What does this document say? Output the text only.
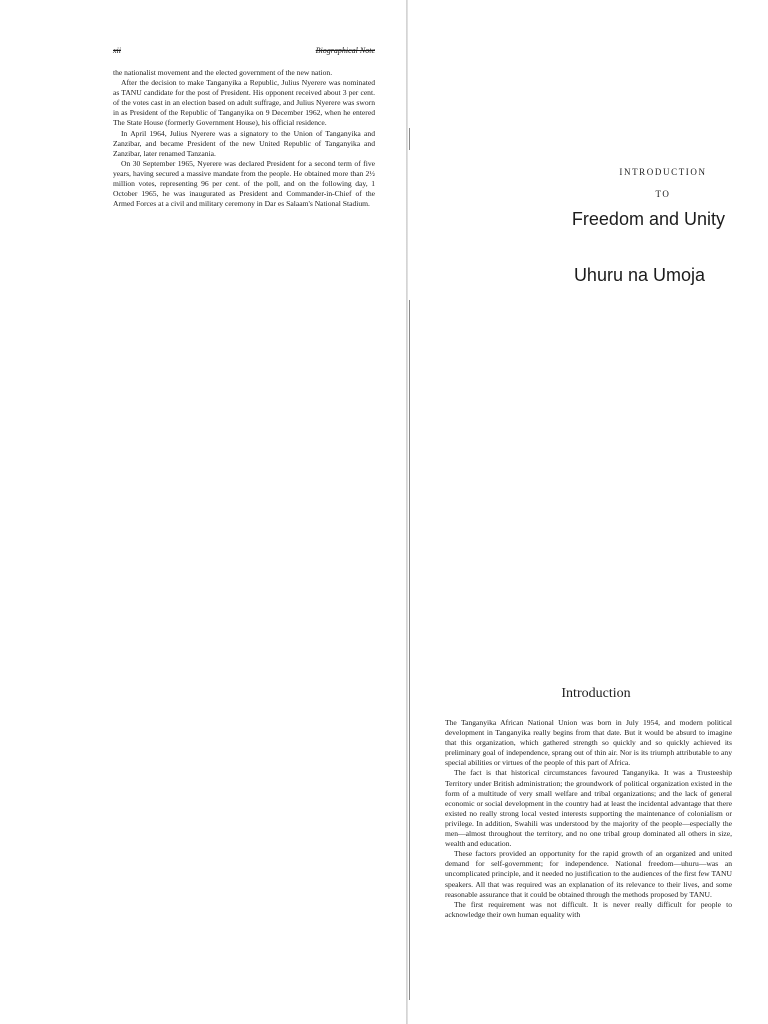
xii	Biographical Note

the nationalist movement and the elected government of the new nation.

After the decision to make Tanganyika a Republic, Julius Nyerere was nominated as TANU candidate for the post of President. His opponent received about 3 per cent. of the votes cast in an election based on adult suffrage, and Julius Nyerere was sworn in as President of the Republic of Tanganyika on 9 December 1962, when he entered The State House (formerly Government House), his official residence.

In April 1964, Julius Nyerere was a signatory to the Union of Tanganyika and Zanzibar, and became President of the new United Republic of Tanganyika and Zanzibar, later renamed Tanzania.

On 30 September 1965, Nyerere was declared President for a second term of five years, having secured a massive mandate from the people. He obtained more than 2½ million votes, representing 96 per cent. of the poll, and on the following day, 1 October 1965, he was inaugurated as President and Commander-in-Chief of the Armed Forces at a civil and military ceremony in Dar es Salaam's National Stadium.

INTRODUCTION
TO
Freedom and Unity
Uhuru na Umoja
Introduction

The Tanganyika African National Union was born in July 1954, and modern political development in Tanganyika really begins from that date. But it would be absurd to imagine that this organization, which gathered strength so quickly and so quickly achieved its preliminary goal of independence, sprang out of thin air. Nor is its triumph attributable to any special abilities or virtues of the people of this part of Africa.

The fact is that historical circumstances favoured Tanganyika. It was a Trusteeship Territory under British administration; the groundwork of political organization existed in the form of a multitude of very small welfare and tribal organizations; and the lack of general economic or social development in the country had at least the incidental advantage that there existed no really strong local vested interests supporting the maintenance of colonialism or privilege. In addition, Swahili was understood by the majority of the people—especially the men—almost throughout the territory, and no one tribal group dominated all others in size, wealth and education.

These factors provided an opportunity for the rapid growth of an organized and united demand for self-government; for independence. National freedom—uhuru—was an uncomplicated principle, and it needed no justification to the audiences of the first few TANU speakers. All that was required was an explanation of its relevance to their lives, and some reasonable assurance that it could be obtained through the methods proposed by TANU.

The first requirement was not difficult. It is never really difficult for people to acknowledge their own human equality with
